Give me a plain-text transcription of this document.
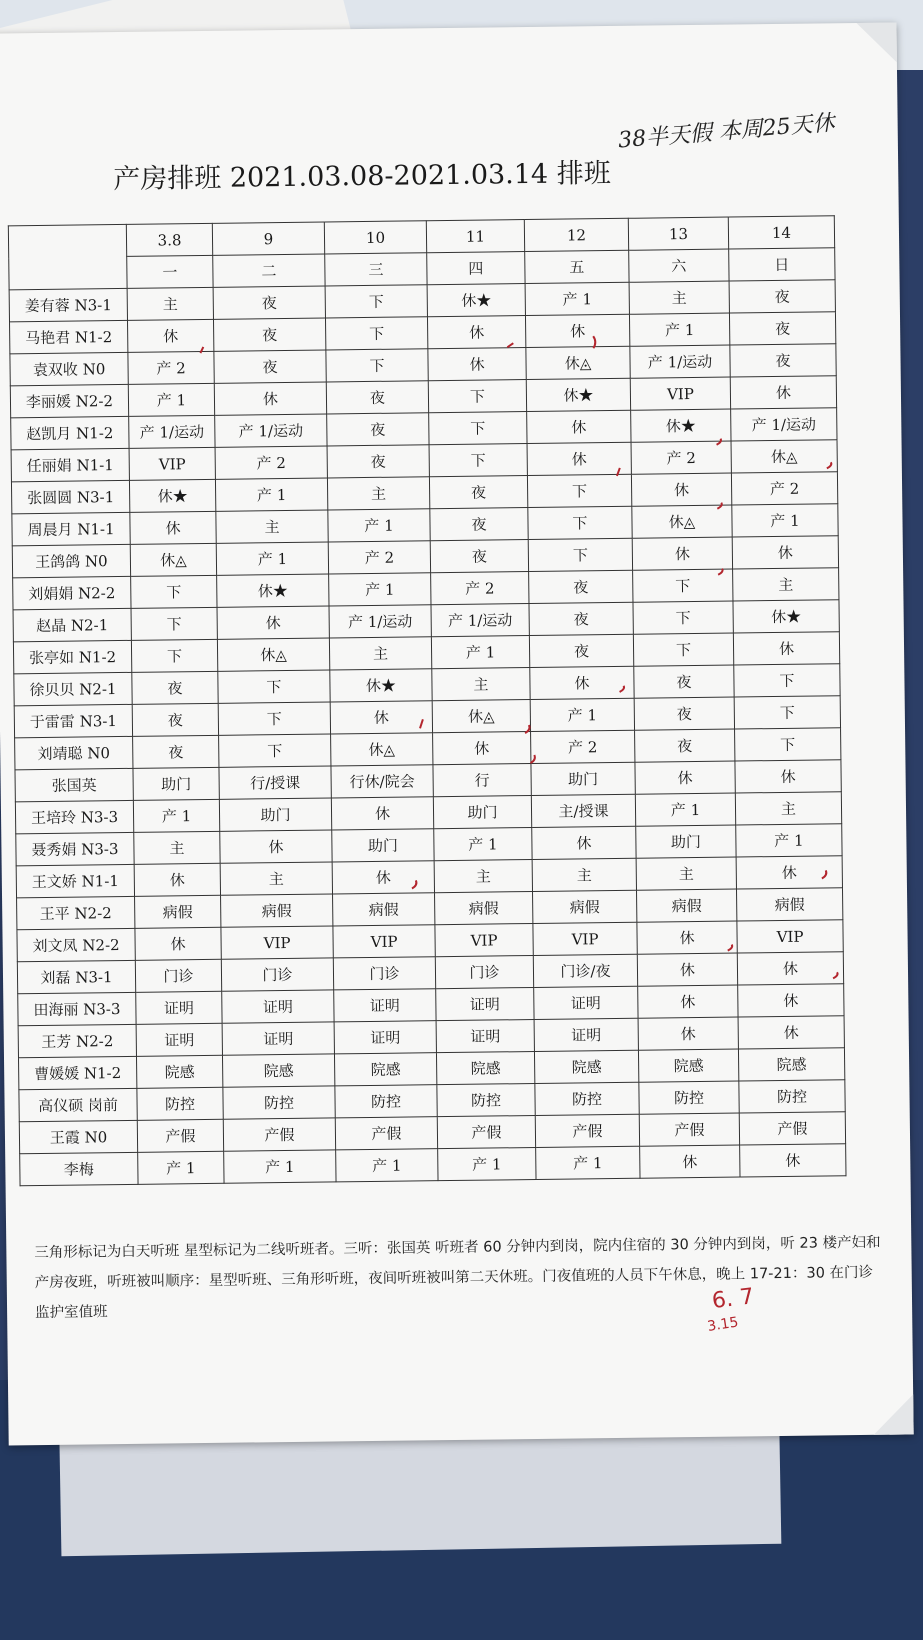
38半天假 本周25天休
产房排班 2021.03.08-2021.03.14 排班
	3.8	9	10	11	12	13	14
	一	二	三	四	五	六	日
姜有蓉 N3-1	主	夜	下	休★	产 1	主	夜
马艳君 N1-2	休	夜	下	休	休	产 1	夜
袁双收 N0	产 2	夜	下	休	休◬	产 1/运动	夜
李丽媛 N2-2	产 1	休	夜	下	休★	VIP	休
赵凯月 N1-2	产 1/运动	产 1/运动	夜	下	休	休★	产 1/运动
任丽娟 N1-1	VIP	产 2	夜	下	休	产 2	休◬
张圆圆 N3-1	休★	产 1	主	夜	下	休	产 2
周晨月 N1-1	休	主	产 1	夜	下	休◬	产 1
王鸽鸽 N0	休◬	产 1	产 2	夜	下	休	休
刘娟娟 N2-2	下	休★	产 1	产 2	夜	下	主
赵晶 N2-1	下	休	产 1/运动	产 1/运动	夜	下	休★
张亭如 N1-2	下	休◬	主	产 1	夜	下	休
徐贝贝 N2-1	夜	下	休★	主	休	夜	下
于雷雷 N3-1	夜	下	休	休◬	产 1	夜	下
刘靖聪 N0	夜	下	休◬	休	产 2	夜	下
张国英	助门	行/授课	行休/院会	行	助门	休	休
王培玲 N3-3	产 1	助门	休	助门	主/授课	产 1	主
聂秀娟 N3-3	主	休	助门	产 1	休	助门	产 1
王文娇 N1-1	休	主	休	主	主	主	休
王平 N2-2	病假	病假	病假	病假	病假	病假	病假
刘文凤 N2-2	休	VIP	VIP	VIP	VIP	休	VIP
刘磊 N3-1	门诊	门诊	门诊	门诊	门诊/夜	休	休
田海丽 N3-3	证明	证明	证明	证明	证明	休	休
王芳 N2-2	证明	证明	证明	证明	证明	休	休
曹媛媛 N1-2	院感	院感	院感	院感	院感	院感	院感
高仪硕 岗前	防控	防控	防控	防控	防控	防控	防控
王霞 N0	产假	产假	产假	产假	产假	产假	产假
李梅	产 1	产 1	产 1	产 1	产 1	休	休
三角形标记为白天听班 星型标记为二线听班者。三听：张国英 听班者 60 分钟内到岗，院内住宿的 30 分钟内到岗，听 23 楼产妇和产房夜班，听班被叫顺序：星型听班、三角形听班，夜间听班被叫第二天休班。门夜值班的人员下午休息，晚上 17-21：30 在门诊监护室值班	6. 7
3.15
